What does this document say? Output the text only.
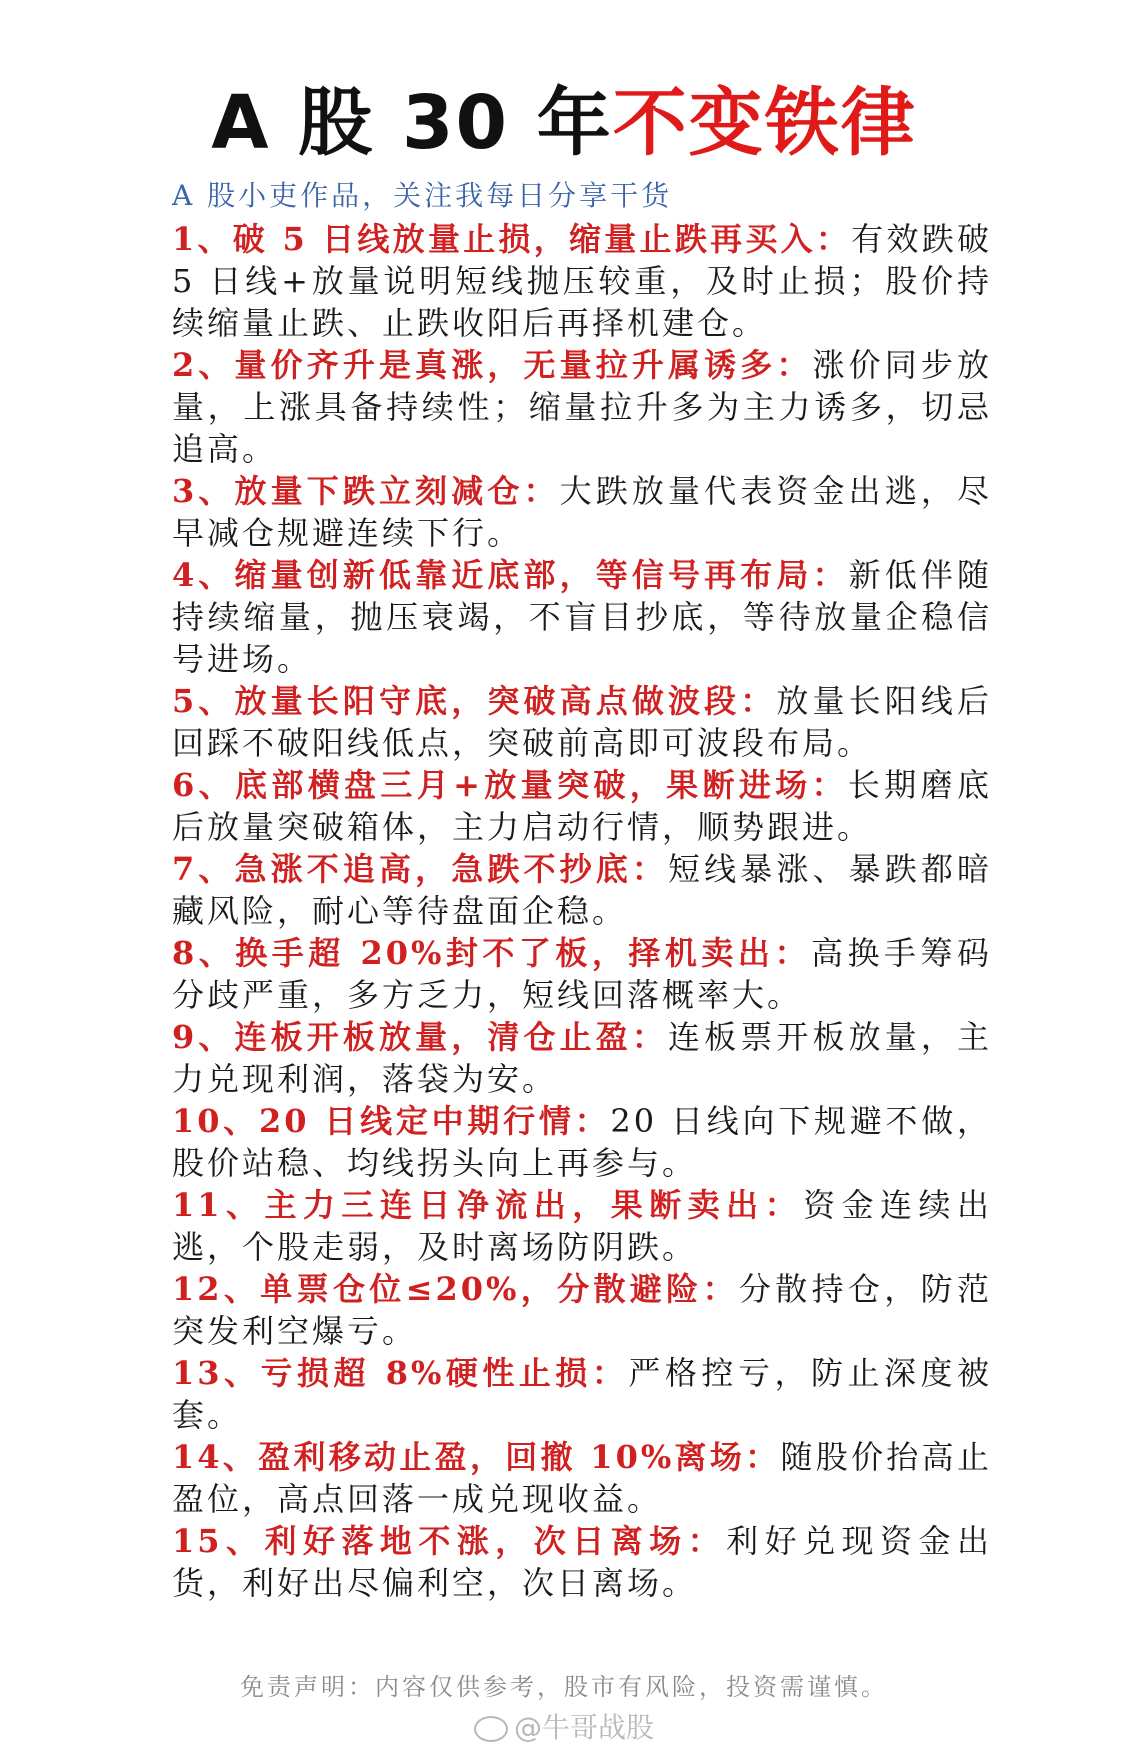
A 股 30 年不变铁律
A 股小吏作品，关注我每日分享干货

1、破 5 日线放量止损，缩量止跌再买入：有效跌破 5 日线+放量说明短线抛压较重，及时止损；股价持续缩量止跌、止跌收阳后再择机建仓。

2、量价齐升是真涨，无量拉升属诱多：涨价同步放量，上涨具备持续性；缩量拉升多为主力诱多，切忌追高。

3、放量下跌立刻减仓：大跌放量代表资金出逃，尽早减仓规避连续下行。

4、缩量创新低靠近底部，等信号再布局：新低伴随持续缩量，抛压衰竭，不盲目抄底，等待放量企稳信号进场。

5、放量长阳守底，突破高点做波段：放量长阳线后回踩不破阳线低点，突破前高即可波段布局。

6、底部横盘三月+放量突破，果断进场：长期磨底后放量突破箱体，主力启动行情，顺势跟进。

7、急涨不追高，急跌不抄底：短线暴涨、暴跌都暗藏风险，耐心等待盘面企稳。

8、换手超 20%封不了板，择机卖出：高换手筹码分歧严重，多方乏力，短线回落概率大。

9、连板开板放量，清仓止盈：连板票开板放量，主力兑现利润，落袋为安。

10、20 日线定中期行情：20 日线向下规避不做，股价站稳、均线拐头向上再参与。

11、主力三连日净流出，果断卖出：资金连续出逃，个股走弱，及时离场防阴跌。

12、单票仓位≤20%，分散避险：分散持仓，防范突发利空爆亏。

13、亏损超 8%硬性止损：严格控亏，防止深度被套。

14、盈利移动止盈，回撤 10%离场：随股价抬高止盈位，高点回落一成兑现收益。

15、利好落地不涨，次日离场：利好兑现资金出货，利好出尽偏利空，次日离场。

免责声明：内容仅供参考，股市有风险，投资需谨慎。
@牛哥战股
